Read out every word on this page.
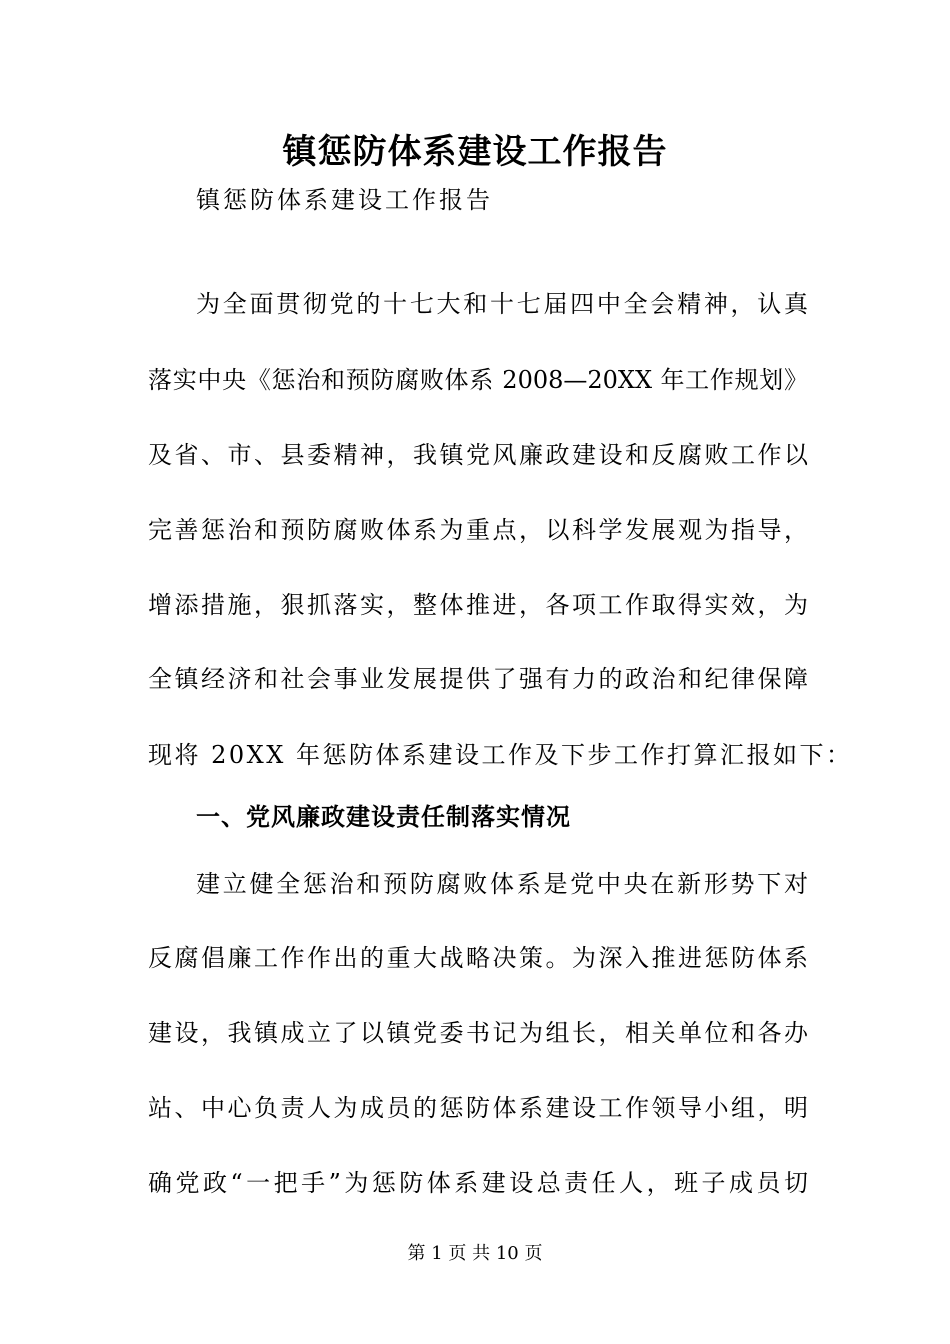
镇惩防体系建设工作报告
镇惩防体系建设工作报告
为全面贯彻党的十七大和十七届四中全会精神，认真
落实中央《惩治和预防腐败体系 2008—20XX 年工作规划》
及省、市、县委精神，我镇党风廉政建设和反腐败工作以
完善惩治和预防腐败体系为重点，以科学发展观为指导，
增添措施，狠抓落实，整体推进，各项工作取得实效，为
全镇经济和社会事业发展提供了强有力的政治和纪律保障
现将 20XX 年惩防体系建设工作及下步工作打算汇报如下：
一、党风廉政建设责任制落实情况
建立健全惩治和预防腐败体系是党中央在新形势下对
反腐倡廉工作作出的重大战略决策。为深入推进惩防体系
建设，我镇成立了以镇党委书记为组长，相关单位和各办
站、中心负责人为成员的惩防体系建设工作领导小组，明
确党政“一把手”为惩防体系建设总责任人，班子成员切
第 1 页 共 10 页
